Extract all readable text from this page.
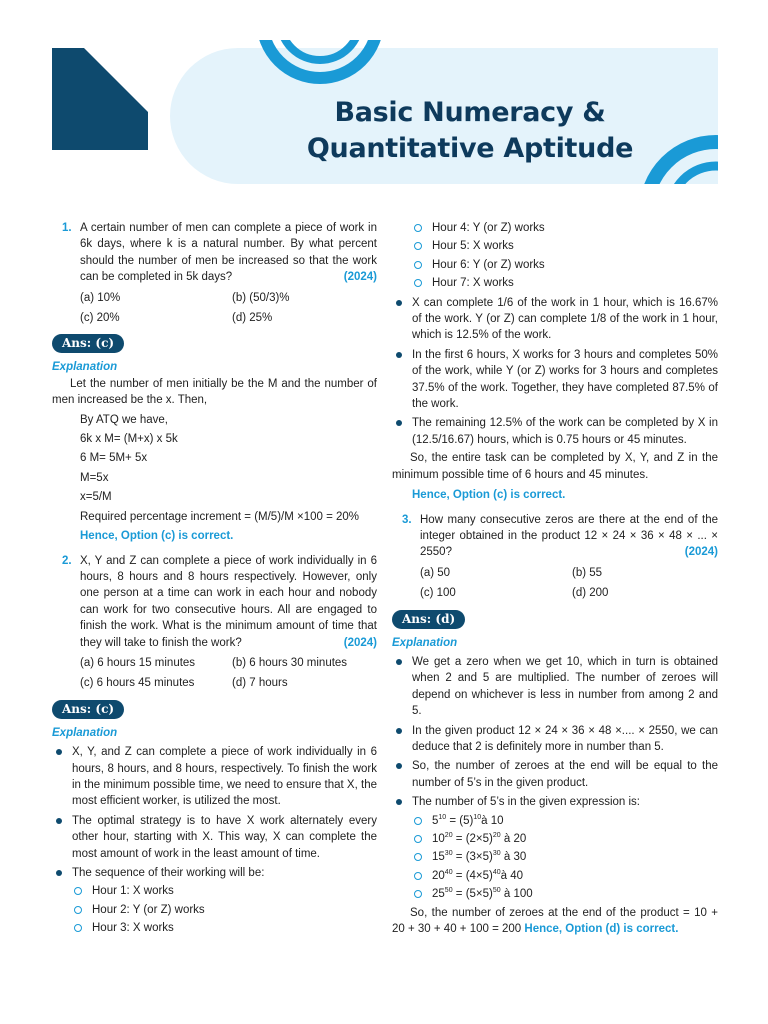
Basic Numeracy &
Quantitative Aptitude
1. A certain number of men can complete a piece of work in 6k days, where k is a natural number. By what percent should the number of men be increased so that the work can be completed in 5k days?	(2024)
(a) 10%	(b) (50/3)%
(c) 20%	(d) 25%
Ans: (c)
Explanation
Let the number of men initially be the M and the number of men increased be the x. Then,
By ATQ we have,
6k x M= (M+x) x 5k
6 M= 5M+ 5x
M=5x
x=5/M
Required percentage increment = (M/5)/M ×100 = 20%
Hence, Option (c) is correct.
2. X, Y and Z can complete a piece of work individually in 6 hours, 8 hours and 8 hours respectively. However, only one person at a time can work in each hour and nobody can work for two consecutive hours. All are engaged to finish the work. What is the minimum amount of time that they will take to finish the work?	(2024)
(a) 6 hours 15 minutes	(b) 6 hours 30 minutes
(c) 6 hours 45 minutes	(d) 7 hours
Ans: (c)
Explanation
X, Y, and Z can complete a piece of work individually in 6 hours, 8 hours, and 8 hours, respectively. To finish the work in the minimum possible time, we need to ensure that X, the most efficient worker, is utilized the most.
The optimal strategy is to have X work alternately every other hour, starting with X. This way, X can complete the most amount of work in the least amount of time.
The sequence of their working will be:
Hour 1: X works
Hour 2: Y (or Z) works
Hour 3: X works
Hour 4: Y (or Z) works
Hour 5: X works
Hour 6: Y (or Z) works
Hour 7: X works
X can complete 1/6 of the work in 1 hour, which is 16.67% of the work. Y (or Z) can complete 1/8 of the work in 1 hour, which is 12.5% of the work.
In the first 6 hours, X works for 3 hours and completes 50% of the work, while Y (or Z) works for 3 hours and completes 37.5% of the work. Together, they have completed 87.5% of the work.
The remaining 12.5% of the work can be completed by X in (12.5/16.67) hours, which is 0.75 hours or 45 minutes.
So, the entire task can be completed by X, Y, and Z in the minimum possible time of 6 hours and 45 minutes.
Hence, Option (c) is correct.
3. How many consecutive zeros are there at the end of the integer obtained in the product 12 × 24 × 36 × 48 × ... × 2550?	(2024)
(a) 50	(b) 55
(c) 100	(d) 200
Ans: (d)
Explanation
We get a zero when we get 10, which in turn is obtained when 2 and 5 are multiplied. The number of zeroes will depend on whichever is less in number from among 2 and 5.
In the given product 12 × 24 × 36 × 48 ×.... × 2550, we can deduce that 2 is definitely more in number than 5.
So, the number of zeroes at the end will be equal to the number of 5’s in the given product.
The number of 5’s in the given expression is:
$5^{10}$ = $(5)^{10}à$ 10
$10^{20} = (2\times 5)^{20}$ à 20
$15^{30} = (3\times 5)^{30}$ à 30
$20^{40}$ = $(4\times 5)^{40}à$ 40
$25^{50} = (5\times 5)^{50}$ à 100
So, the number of zeroes at the end of the product = 10 + 20 + 30 + 40 + 100 = 200 Hence, Option (d) is correct.
